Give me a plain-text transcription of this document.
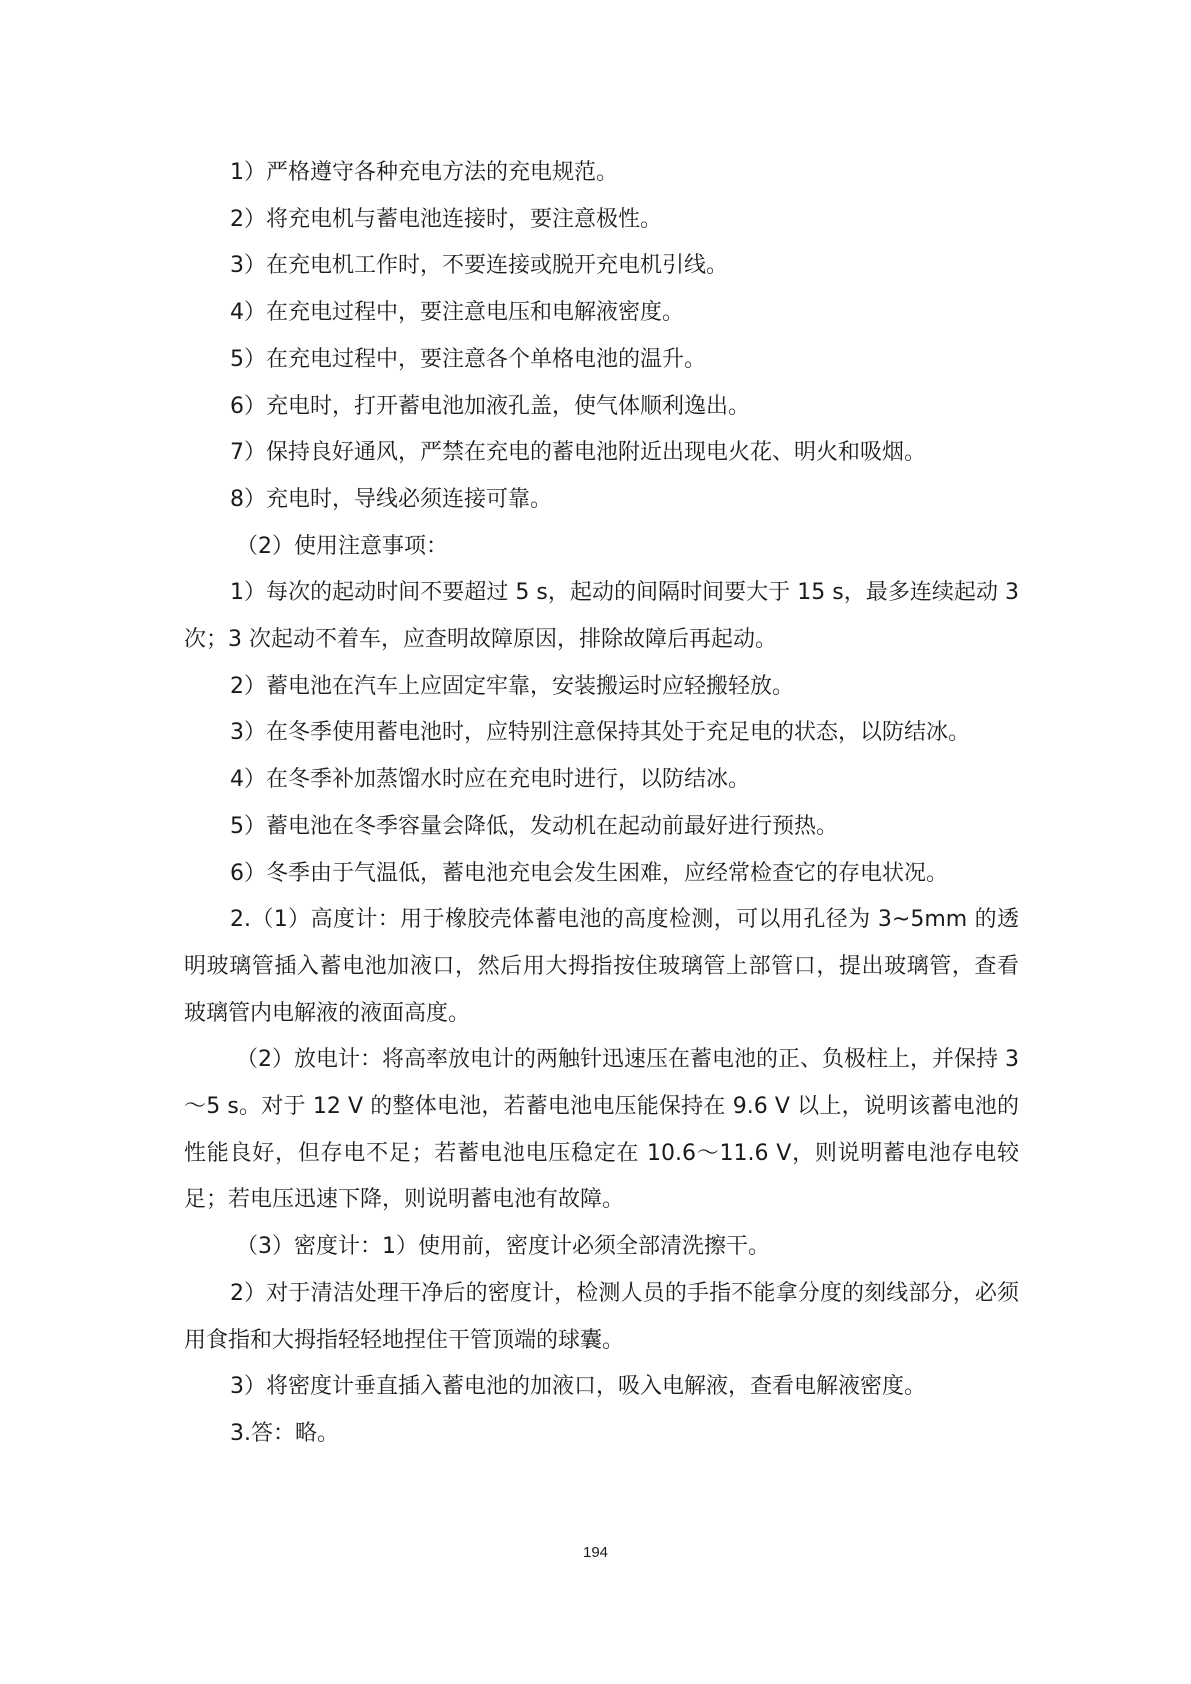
1）严格遵守各种充电方法的充电规范。

2）将充电机与蓄电池连接时，要注意极性。

3）在充电机工作时，不要连接或脱开充电机引线。

4）在充电过程中，要注意电压和电解液密度。

5）在充电过程中，要注意各个单格电池的温升。

6）充电时，打开蓄电池加液孔盖，使气体顺利逸出。

7）保持良好通风，严禁在充电的蓄电池附近出现电火花、明火和吸烟。

8）充电时，导线必须连接可靠。

（2）使用注意事项：

1）每次的起动时间不要超过 5 s，起动的间隔时间要大于 15 s，最多连续起动 3 次；3 次起动不着车，应查明故障原因，排除故障后再起动。

2）蓄电池在汽车上应固定牢靠，安装搬运时应轻搬轻放。

3）在冬季使用蓄电池时，应特别注意保持其处于充足电的状态，以防结冰。

4）在冬季补加蒸馏水时应在充电时进行，以防结冰。

5）蓄电池在冬季容量会降低，发动机在起动前最好进行预热。

6）冬季由于气温低，蓄电池充电会发生困难，应经常检查它的存电状况。

2.（1）高度计：用于橡胶壳体蓄电池的高度检测，可以用孔径为 3~5mm 的透明玻璃管插入蓄电池加液口，然后用大拇指按住玻璃管上部管口，提出玻璃管，查看玻璃管内电解液的液面高度。

（2）放电计：将高率放电计的两触针迅速压在蓄电池的正、负极柱上，并保持 3～5 s。对于 12 V 的整体电池，若蓄电池电压能保持在 9.6 V 以上，说明该蓄电池的性能良好，但存电不足；若蓄电池电压稳定在 10.6～11.6 V，则说明蓄电池存电较足；若电压迅速下降，则说明蓄电池有故障。

（3）密度计：1）使用前，密度计必须全部清洗擦干。

2）对于清洁处理干净后的密度计，检测人员的手指不能拿分度的刻线部分，必须用食指和大拇指轻轻地捏住干管顶端的球囊。

3）将密度计垂直插入蓄电池的加液口，吸入电解液，查看电解液密度。

3.答：略。

194
